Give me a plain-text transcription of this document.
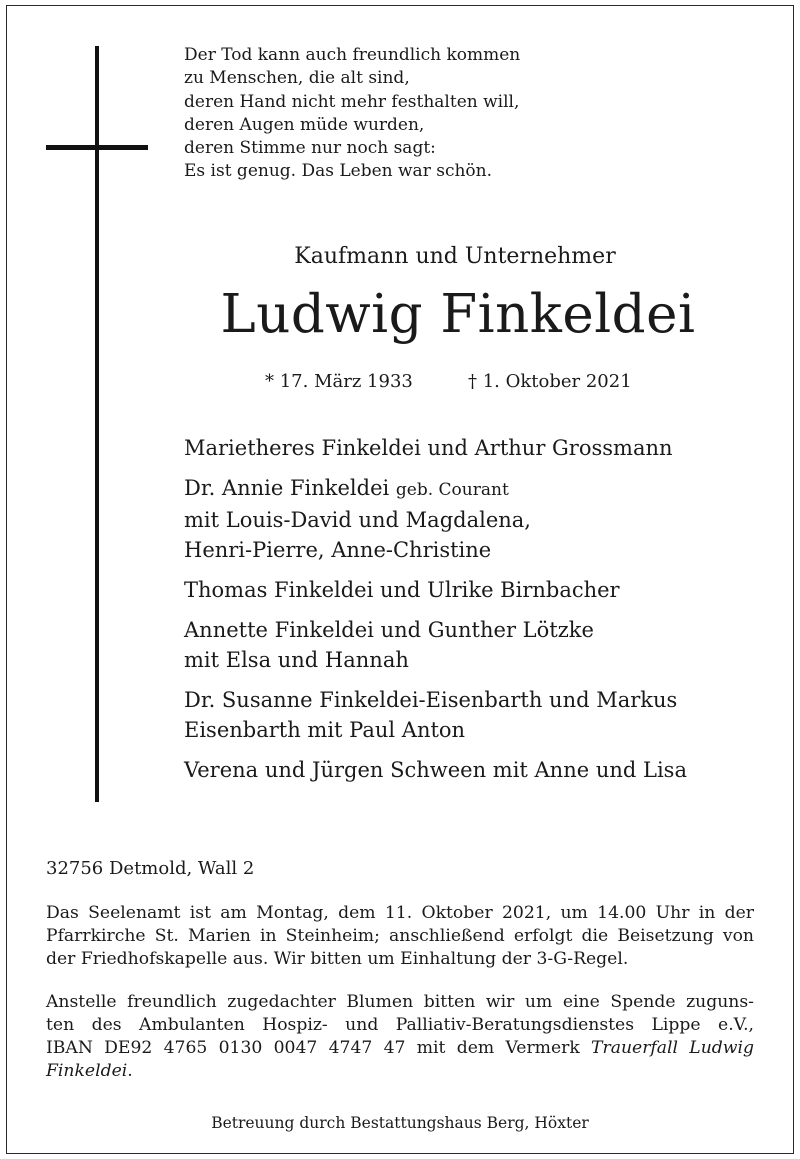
Der Tod kann auch freundlich kommen
zu Menschen, die alt sind,
deren Hand nicht mehr festhalten will,
deren Augen müde wurden,
deren Stimme nur noch sagt:
Es ist genug. Das Leben war schön.
Kaufmann und Unternehmer
Ludwig Finkeldei
* 17. März 1933	† 1. Oktober 2021
Marietheres Finkeldei und Arthur Grossmann
Dr. Annie Finkeldei geb. Courant
mit Louis-David und Magdalena,
Henri-Pierre, Anne-Christine
Thomas Finkeldei und Ulrike Birnbacher
Annette Finkeldei und Gunther Lötzke
mit Elsa und Hannah
Dr. Susanne Finkeldei-Eisenbarth und Markus
Eisenbarth mit Paul Anton
Verena und Jürgen Schween mit Anne und Lisa
32756 Detmold, Wall 2
Das Seelenamt ist am Montag, dem 11. Oktober 2021, um 14.00 Uhr in der
Pfarrkirche St. Marien in Steinheim; anschließend erfolgt die Beisetzung von
der Friedhofskapelle aus. Wir bitten um Einhaltung der 3-G-Regel.
Anstelle freundlich zugedachter Blumen bitten wir um eine Spende zuguns-
ten des Ambulanten Hospiz- und Palliativ-Beratungsdienstes Lippe e.V.,
IBAN DE92 4765 0130 0047 4747 47 mit dem Vermerk Trauerfall Ludwig
Finkeldei.
Betreuung durch Bestattungshaus Berg, Höxter
